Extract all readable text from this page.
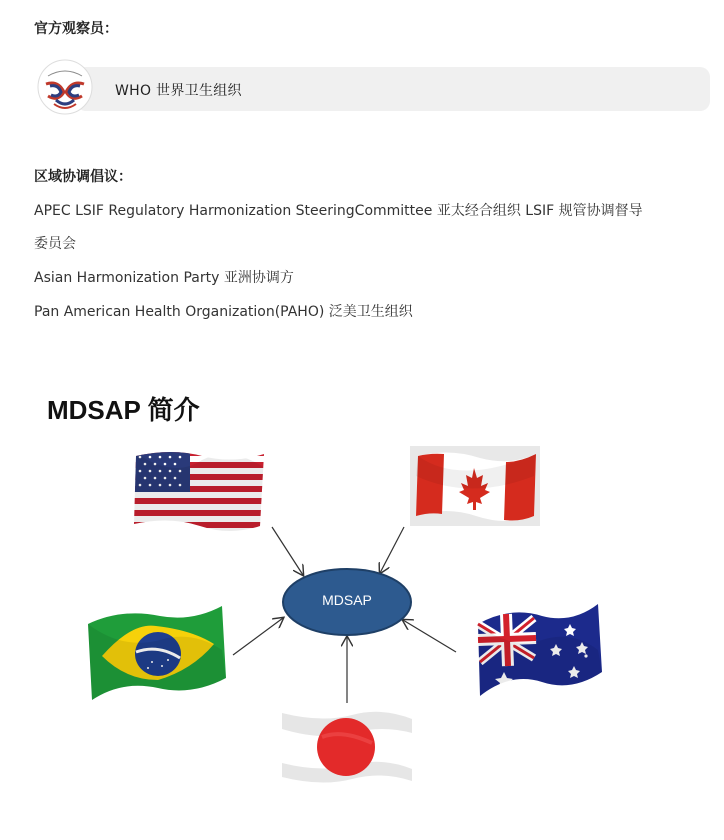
官方观察员：
WHO 世界卫生组织
区域协调倡议：
APEC LSIF Regulatory Harmonization SteeringCommittee 亚太经合组织 LSIF 规管协调督导
委员会
Asian Harmonization Party 亚洲协调方
Pan American Health Organization(PAHO) 泛美卫生组织
MDSAP 简介
MDSAP
